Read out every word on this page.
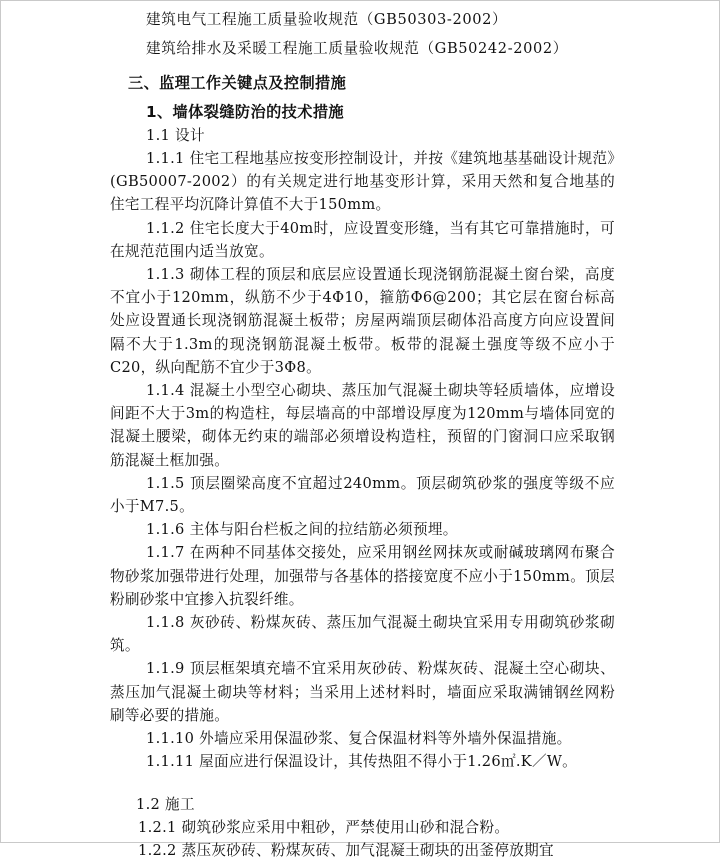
建筑电气工程施工质量验收规范（GB50303-2002）

建筑给排水及采暖工程施工质量验收规范（GB50242-2002）

三、监理工作关键点及控制措施

1、墙体裂缝防治的技术措施

1.1 设计

1.1.1 住宅工程地基应按变形控制设计，并按《建筑地基基础设计规范》(GB50007-2002）的有关规定进行地基变形计算，采用天然和复合地基的住宅工程平均沉降计算值不大于150mm。

1.1.2 住宅长度大于40m时，应设置变形缝，当有其它可靠措施时，可在规范范围内适当放宽。

1.1.3 砌体工程的顶层和底层应设置通长现浇钢筋混凝土窗台梁，高度不宜小于120mm，纵筋不少于4Φ10，箍筋Φ6@200；其它层在窗台标高处应设置通长现浇钢筋混凝土板带；房屋两端顶层砌体沿高度方向应设置间隔不大于1.3m的现浇钢筋混凝土板带。板带的混凝土强度等级不应小于C20，纵向配筋不宜少于3Φ8。

1.1.4 混凝土小型空心砌块、蒸压加气混凝土砌块等轻质墙体，应增设间距不大于3m的构造柱，每层墙高的中部增设厚度为120mm与墙体同宽的混凝土腰梁，砌体无约束的端部必须增设构造柱，预留的门窗洞口应采取钢筋混凝土框加强。

1.1.5 顶层圈梁高度不宜超过240mm。顶层砌筑砂浆的强度等级不应小于M7.5。

1.1.6 主体与阳台栏板之间的拉结筋必须预埋。

1.1.7 在两种不同基体交接处，应采用钢丝网抹灰或耐碱玻璃网布聚合物砂浆加强带进行处理，加强带与各基体的搭接宽度不应小于150mm。顶层粉刷砂浆中宜掺入抗裂纤维。

1.1.8 灰砂砖、粉煤灰砖、蒸压加气混凝土砌块宜采用专用砌筑砂浆砌筑。

1.1.9 顶层框架填充墙不宜采用灰砂砖、粉煤灰砖、混凝土空心砌块、蒸压加气混凝土砌块等材料；当采用上述材料时，墙面应采取满铺钢丝网粉刷等必要的措施。

1.1.10 外墙应采用保温砂浆、复合保温材料等外墙外保温措施。

1.1.11 屋面应进行保温设计，其传热阻不得小于1.26㎡.K／W。

1.2 施工

1.2.1 砌筑砂浆应采用中粗砂，严禁使用山砂和混合粉。

1.2.2 蒸压灰砂砖、粉煤灰砖、加气混凝土砌块的出釜停放期宜
